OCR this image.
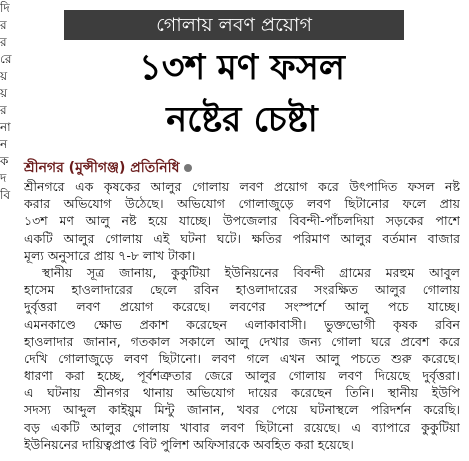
দি
র
র
রে
য়
য়
র
না
ন
ক
দ
বি
গোলায় লবণ প্রয়োগ
১৩শ মণ ফসল
নষ্টের চেষ্টা
শ্রীনগর (মুন্সীগঞ্জ) প্রতিনিধি
শ্রীনগরে এক কৃষকের আলুর গোলায় লবণ প্রয়োগ করে উৎপাদিত ফসল নষ্ট
করার অভিযোগ উঠেছে। অভিযোগ গোলাজুড়ে লবণ ছিটানোর ফলে প্রায়
১৩শ মণ আলু নষ্ট হয়ে যাচ্ছে। উপজেলার বিবন্দী-পাঁচলদিয়া সড়কের পাশে
একটি আলুর গোলায় এই ঘটনা ঘটে। ক্ষতির পরিমাণ আলুর বর্তমান বাজার
মূল্য অনুসারে প্রায় ৭-৮ লাখ টাকা।
স্থানীয় সূত্র জানায়, কুকুটিয়া ইউনিয়নের বিবন্দী গ্রামের মরহুম আবুল
হাসেম হাওলাদারের ছেলে রবিন হাওলাদারের সংরক্ষিত আলুর গোলায়
দুর্বৃত্তরা লবণ প্রয়োগ করেছে। লবণের সংস্পর্শে আলু পচে যাচ্ছে।
এমনকাণ্ডে ক্ষোভ প্রকাশ করেছেন এলাকাবাসী। ভুক্তভোগী কৃষক রবিন
হাওলাদার জানান, গতকাল সকালে আলু দেখার জন্য গোলা ঘরে প্রবেশ করে
দেখি গোলাজুড়ে লবণ ছিটানো। লবণ গলে এখন আলু পচতে শুরু করেছে।
ধারণা করা হচ্ছে, পূর্বশত্রুতার জেরে আলুর গোলায় লবণ দিয়েছে দুর্বৃত্তরা।
এ ঘটনায় শ্রীনগর থানায় অভিযোগ দায়ের করেছেন তিনি। স্থানীয় ইউপি
সদস্য আব্দুল কাইয়ুম মিন্টু জানান, খবর পেয়ে ঘটনাস্থলে পরিদর্শন করেছি।
বড় একটি আলুর গোলায় খাবার লবণ ছিটানো রয়েছে। এ ব্যাপারে কুকুটিয়া
ইউনিয়নের দায়িত্বপ্রাপ্ত বিট পুলিশ অফিসারকে অবহিত করা হয়েছে।
